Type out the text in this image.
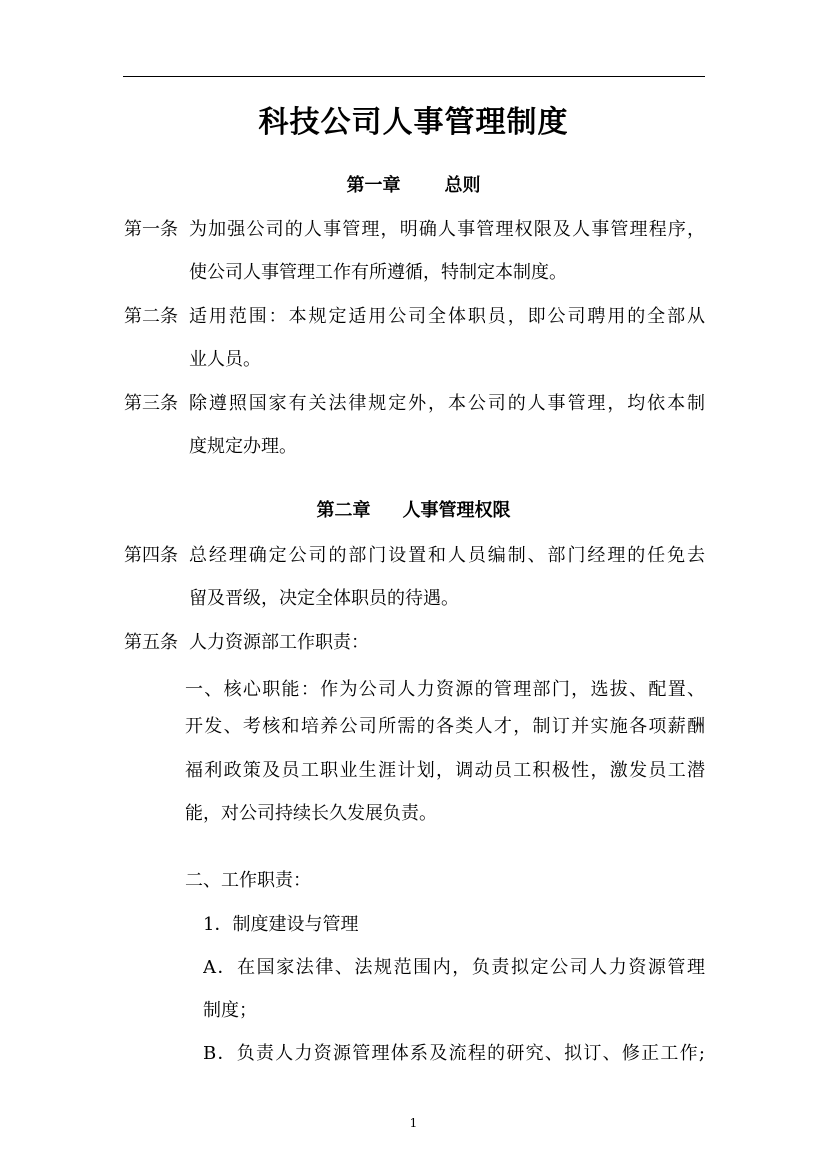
科技公司人事管理制度
第一章 总则
第一条 为加强公司的人事管理，明确人事管理权限及人事管理程序，
使公司人事管理工作有所遵循，特制定本制度。
第二条 适用范围：本规定适用公司全体职员，即公司聘用的全部从
业人员。
第三条 除遵照国家有关法律规定外，本公司的人事管理，均依本制
度规定办理。
第二章 人事管理权限
第四条 总经理确定公司的部门设置和人员编制、部门经理的任免去
留及晋级，决定全体职员的待遇。
第五条 人力资源部工作职责：
一、核心职能：作为公司人力资源的管理部门，选拔、配置、
开发、考核和培养公司所需的各类人才，制订并实施各项薪酬
福利政策及员工职业生涯计划，调动员工积极性，激发员工潜
能，对公司持续长久发展负责。
二、工作职责：
1．制度建设与管理
A．在国家法律、法规范围内，负责拟定公司人力资源管理
制度；
B．负责人力资源管理体系及流程的研究、拟订、修正工作;
1
